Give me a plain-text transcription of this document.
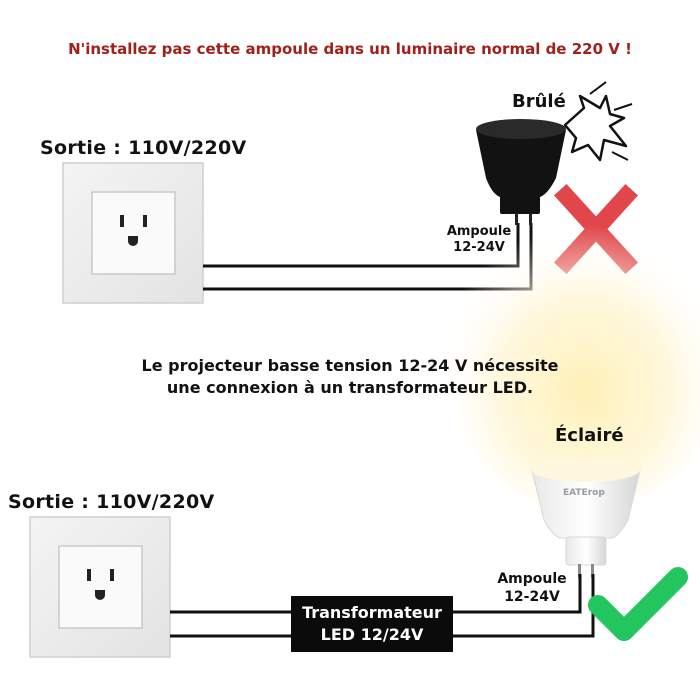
EATErop
N'installez pas cette ampoule dans un luminaire normal de 220 V !
Sortie : 110V/220V
Brûlé
Ampoule
12-24V
Le projecteur basse tension 12-24 V nécessite
une connexion à un transformateur LED.
Éclairé
Sortie : 110V/220V
Ampoule
12-24V
Transformateur
LED 12/24V
